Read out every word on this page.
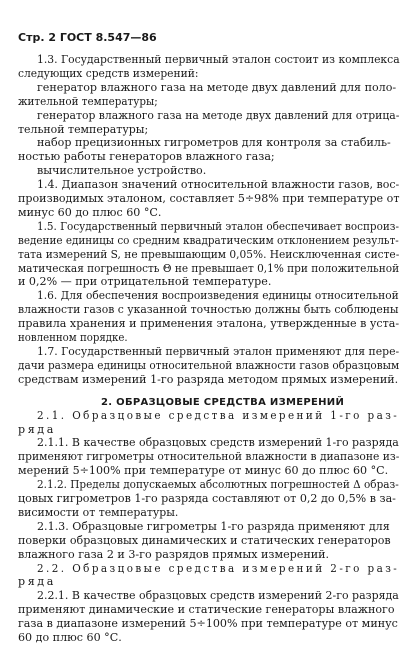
Стр. 2 ГОСТ 8.547—86
1.3. Государственный первичный эталон состоит из комплекса
следующих средств измерений:
генератор влажного газа на методе двух давлений для поло-
жительной температуры;
генератор влажного газа на методе двух давлений для отрица-
тельной температуры;
набор прецизионных гигрометров для контроля за стабиль-
ностью работы генераторов влажного газа;
вычислительное устройство.
1.4. Диапазон значений относительной влажности газов, вос-
производимых эталоном, составляет 5÷98% при температуре от
минус 60 до плюс 60 °С.
1.5. Государственный первичный эталон обеспечивает воспроиз-
ведение единицы со средним квадратическим отклонением результ-
тата измерений S, не превышающим 0,05%. Неисключенная систе-
матическая погрешность Θ не превышает 0,1% при положительной
и 0,2% — при отрицательной температуре.
1.6. Для обеспечения воспроизведения единицы относительной
влажности газов с указанной точностью должны быть соблюдены
правила хранения и применения эталона, утвержденные в уста-
новленном порядке.
1.7. Государственный первичный эталон применяют для пере-
дачи размера единицы относительной влажности газов образцовым
средствам измерений 1-го разряда методом прямых измерений.
2. ОБРАЗЦОВЫЕ СРЕДСТВА ИЗМЕРЕНИЙ
2.1. Образцовые средства измерений 1-го раз-
ряда
2.1.1. В качестве образцовых средств измерений 1-го разряда
применяют гигрометры относительной влажности в диапазоне из-
мерений 5÷100% при температуре от минус 60 до плюс 60 °С.
2.1.2. Пределы допускаемых абсолютных погрешностей Δ образ-
цовых гигрометров 1-го разряда составляют от 0,2 до 0,5% в за-
висимости от температуры.
2.1.3. Образцовые гигрометры 1-го разряда применяют для
поверки образцовых динамических и статических генераторов
влажного газа 2 и 3-го разрядов прямых измерений.
2.2. Образцовые средства измерений 2-го раз-
ряда
2.2.1. В качестве образцовых средств измерений 2-го разряда
применяют динамические и статические генераторы влажного
газа в диапазоне измерений 5÷100% при температуре от минус
60 до плюс 60 °С.
